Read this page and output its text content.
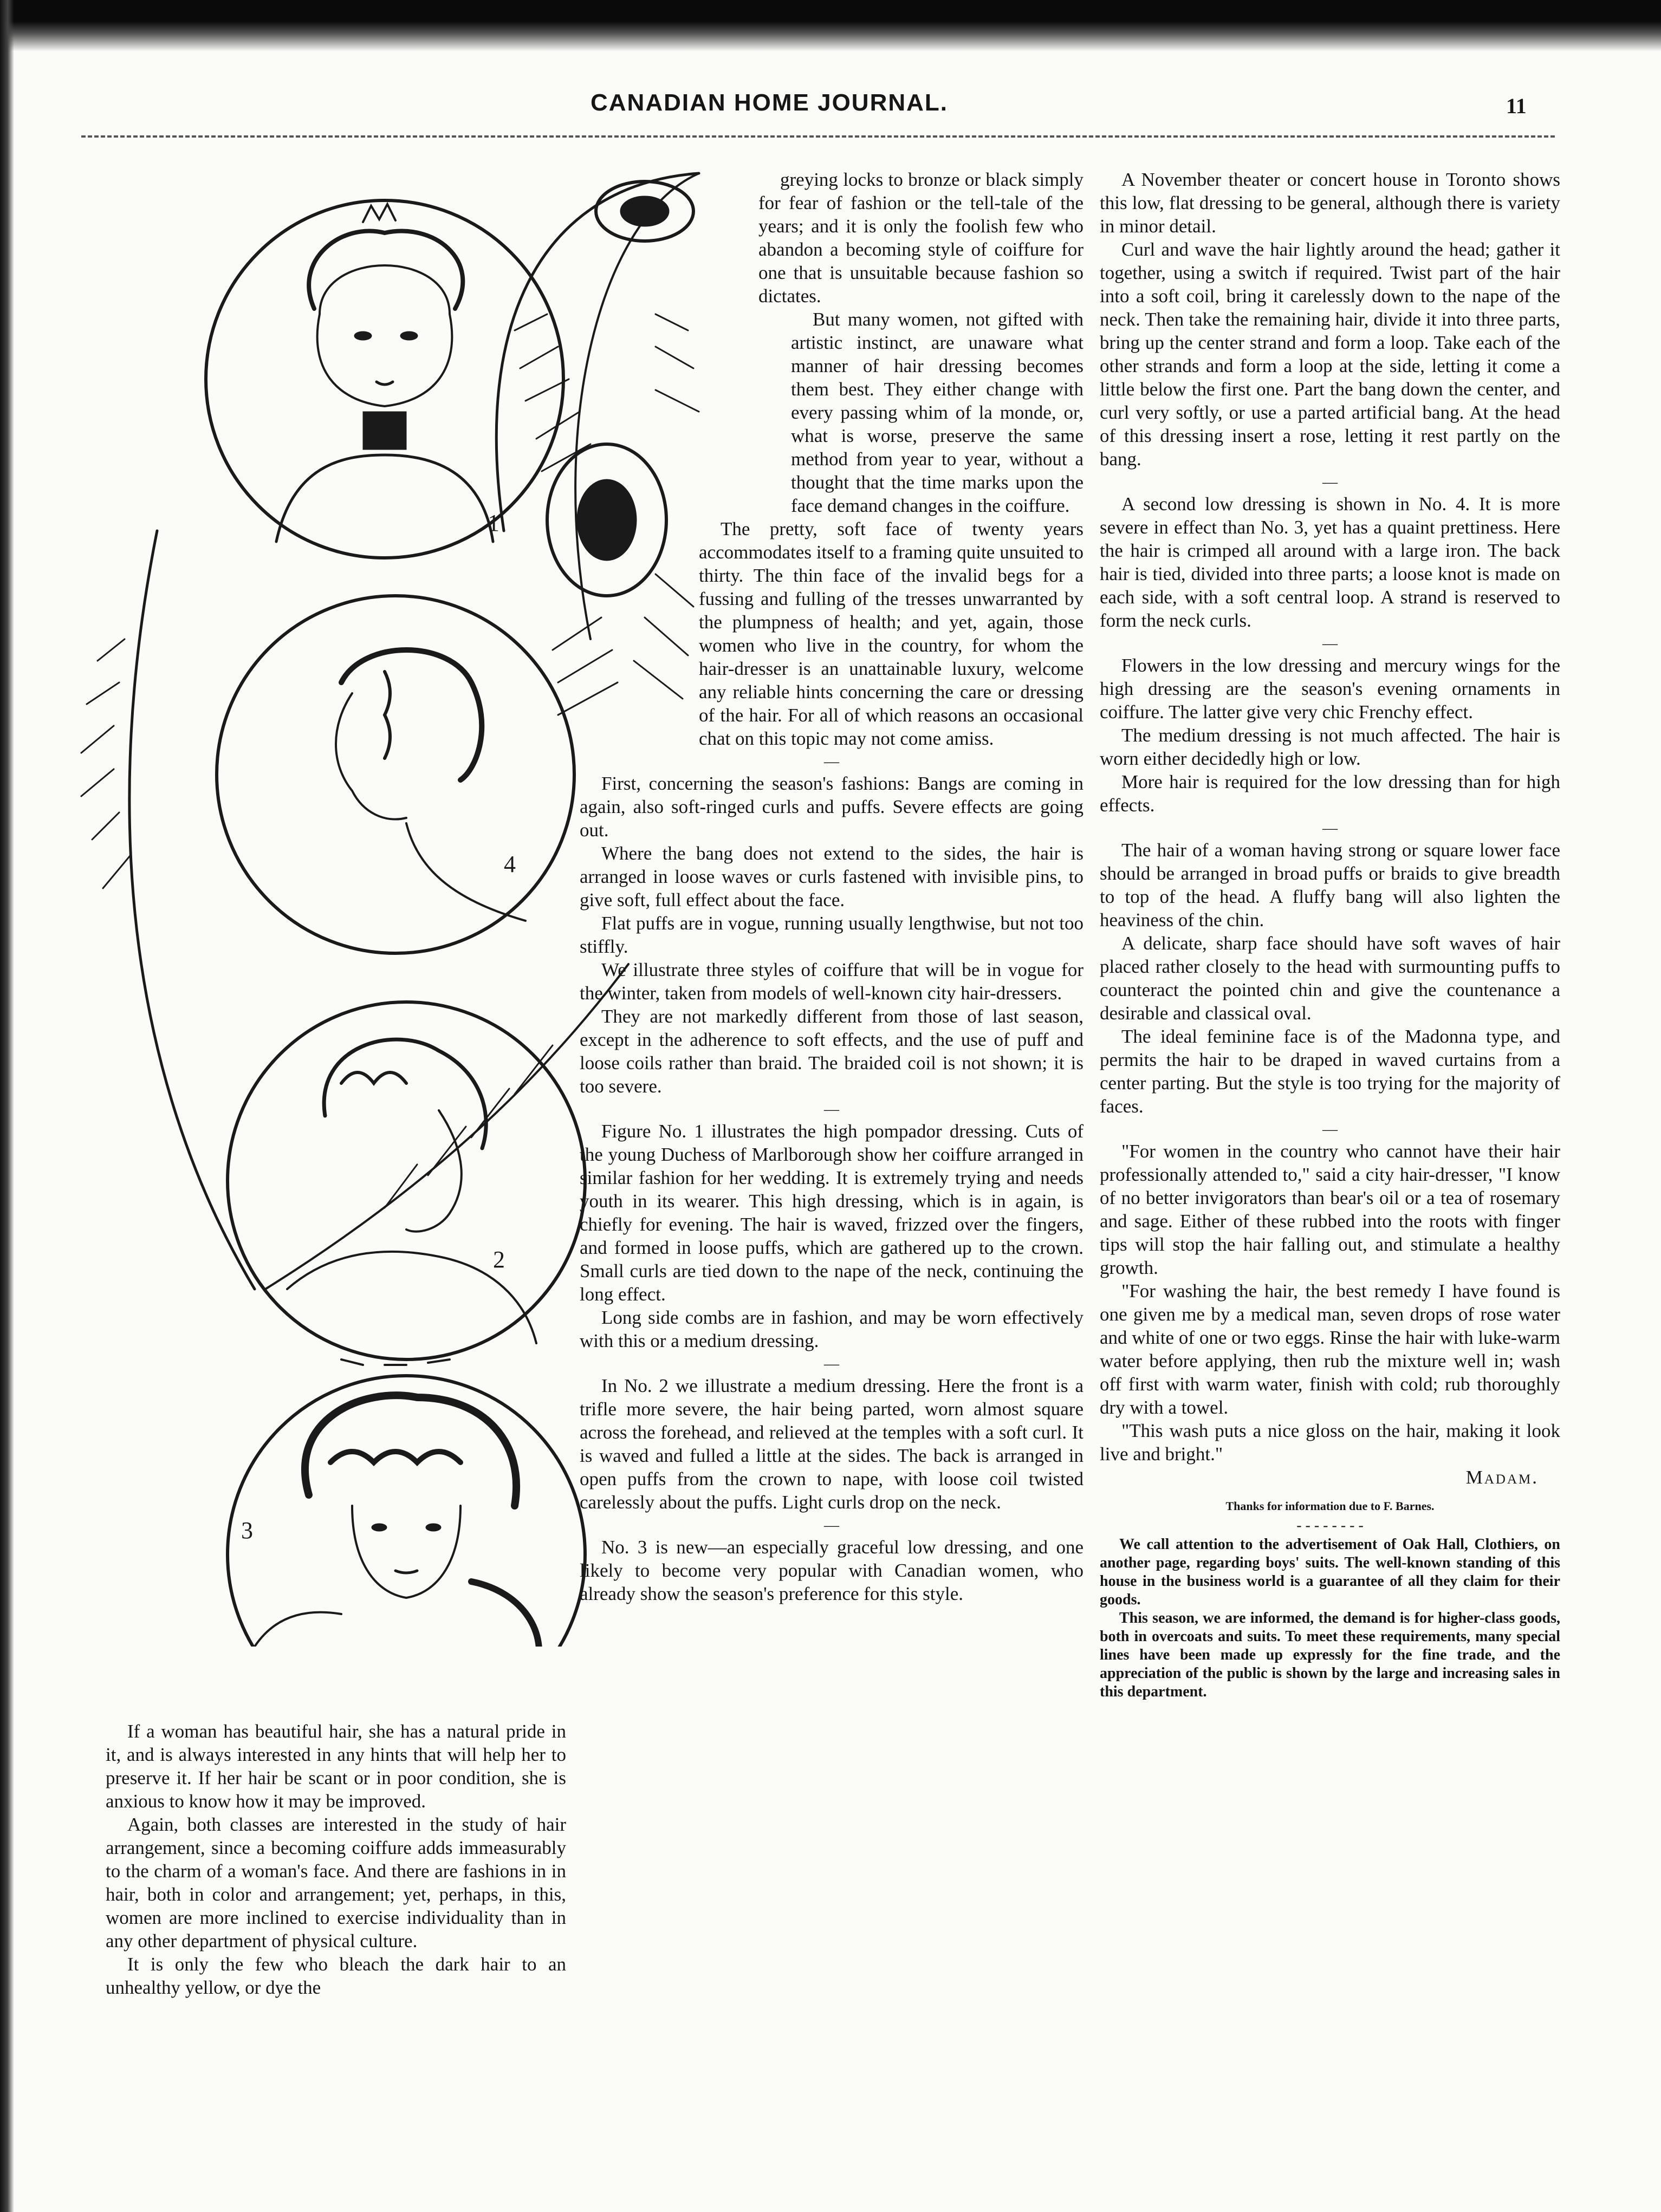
CANADIAN HOME JOURNAL.	11
1
4
2
3

If a woman has beautiful hair, she has a natural pride in it, and is always interested in any hints that will help her to preserve it. If her hair be scant or in poor condition, she is anxious to know how it may be improved.

Again, both classes are interested in the study of hair arrangement, since a becoming coiffure adds immeasurably to the charm of a woman's face. And there are fashions in in hair, both in color and arrangement; yet, perhaps, in this, women are more inclined to exercise individuality than in any other department of physical culture.

It is only the few who bleach the dark hair to an unhealthy yellow, or dye the

greying locks to bronze or black simply for fear of fashion or the tell-tale of the years; and it is only the foolish few who abandon a becoming style of coiffure for one that is unsuitable because fashion so dictates.

But many women, not gifted with artistic instinct, are unaware what manner of hair dressing becomes them best. They either change with every passing whim of la monde, or, what is worse, preserve the same method from year to year, without a thought that the time marks upon the face demand changes in the coiffure.

The pretty, soft face of twenty years accommodates itself to a framing quite unsuited to thirty. The thin face of the invalid begs for a fussing and fulling of the tresses unwarranted by the plumpness of health; and yet, again, those women who live in the country, for whom the hair-dresser is an unattainable luxury, welcome any reliable hints concerning the care or dressing of the hair. For all of which reasons an occasional chat on this topic may not come amiss.

—

First, concerning the season's fashions: Bangs are coming in again, also soft-ringed curls and puffs. Severe effects are going out.

Where the bang does not extend to the sides, the hair is arranged in loose waves or curls fastened with invisible pins, to give soft, full effect about the face.

Flat puffs are in vogue, running usually lengthwise, but not too stiffly.

We illustrate three styles of coiffure that will be in vogue for the winter, taken from models of well-known city hair-dressers.

They are not markedly different from those of last season, except in the adherence to soft effects, and the use of puff and loose coils rather than braid. The braided coil is not shown; it is too severe.

—

Figure No. 1 illustrates the high pompador dressing. Cuts of the young Duchess of Marlborough show her coiffure arranged in similar fashion for her wedding. It is extremely trying and needs youth in its wearer. This high dressing, which is in again, is chiefly for evening. The hair is waved, frizzed over the fingers, and formed in loose puffs, which are gathered up to the crown. Small curls are tied down to the nape of the neck, continuing the long effect.

Long side combs are in fashion, and may be worn effectively with this or a medium dressing.

—

In No. 2 we illustrate a medium dressing. Here the front is a trifle more severe, the hair being parted, worn almost square across the forehead, and relieved at the temples with a soft curl. It is waved and fulled a little at the sides. The back is arranged in open puffs from the crown to nape, with loose coil twisted carelessly about the puffs. Light curls drop on the neck.

—

No. 3 is new—an especially graceful low dressing, and one likely to become very popular with Canadian women, who already show the season's preference for this style.

A November theater or concert house in Toronto shows this low, flat dressing to be general, although there is variety in minor detail.

Curl and wave the hair lightly around the head; gather it together, using a switch if required. Twist part of the hair into a soft coil, bring it carelessly down to the nape of the neck. Then take the remaining hair, divide it into three parts, bring up the center strand and form a loop. Take each of the other strands and form a loop at the side, letting it come a little below the first one. Part the bang down the center, and curl very softly, or use a parted artificial bang. At the head of this dressing insert a rose, letting it rest partly on the bang.

—

A second low dressing is shown in No. 4. It is more severe in effect than No. 3, yet has a quaint prettiness. Here the hair is crimped all around with a large iron. The back hair is tied, divided into three parts; a loose knot is made on each side, with a soft central loop. A strand is reserved to form the neck curls.

—

Flowers in the low dressing and mercury wings for the high dressing are the season's evening ornaments in coiffure. The latter give very chic Frenchy effect.

The medium dressing is not much affected. The hair is worn either decidedly high or low.

More hair is required for the low dressing than for high effects.

—

The hair of a woman having strong or square lower face should be arranged in broad puffs or braids to give breadth to top of the head. A fluffy bang will also lighten the heaviness of the chin.

A delicate, sharp face should have soft waves of hair placed rather closely to the head with surmounting puffs to counteract the pointed chin and give the countenance a desirable and classical oval.

The ideal feminine face is of the Madonna type, and permits the hair to be draped in waved curtains from a center parting. But the style is too trying for the majority of faces.

—

"For women in the country who cannot have their hair professionally attended to," said a city hair-dresser, "I know of no better invigorators than bear's oil or a tea of rosemary and sage. Either of these rubbed into the roots with finger tips will stop the hair falling out, and stimulate a healthy growth.

"For washing the hair, the best remedy I have found is one given me by a medical man, seven drops of rose water and white of one or two eggs. Rinse the hair with luke-warm water before applying, then rub the mixture well in; wash off first with warm water, finish with cold; rub thoroughly dry with a towel.

"This wash puts a nice gloss on the hair, making it look live and bright."

Madam.
Thanks for information due to F. Barnes.
- - - - - - - -

We call attention to the advertisement of Oak Hall, Clothiers, on another page, regarding boys' suits. The well-known standing of this house in the business world is a guarantee of all they claim for their goods.

This season, we are informed, the demand is for higher-class goods, both in overcoats and suits. To meet these requirements, many special lines have been made up expressly for the fine trade, and the appreciation of the public is shown by the large and increasing sales in this department.
